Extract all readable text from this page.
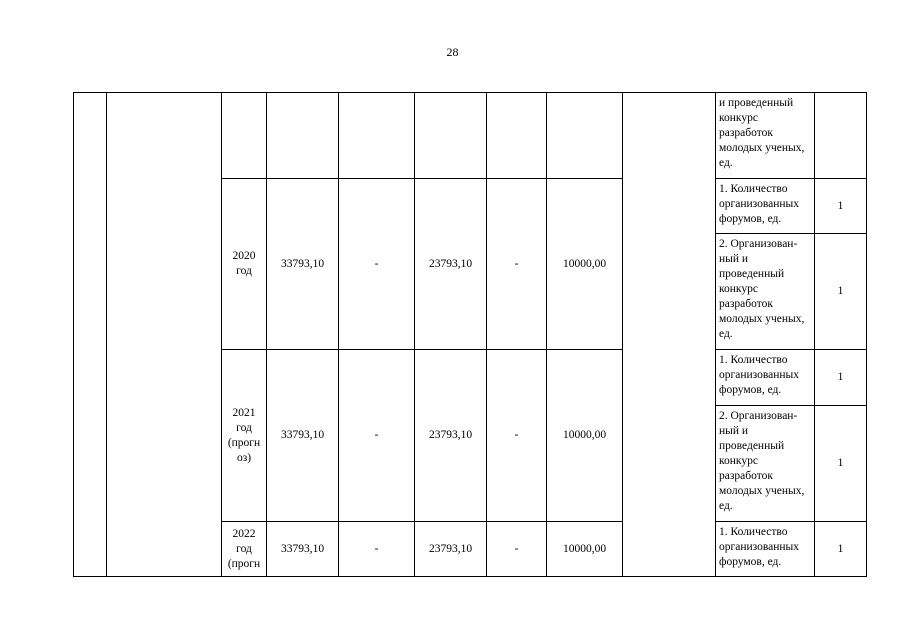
28
									и проведенный конкурс разработок молодых ученых, ед.	
		2020 год	33793,10	-	23793,10	-	10000,00		1. Количество организованных форумов, ед.	1
									2. Организован-ный и проведенный конкурс разработок молодых ученых, ед.	1
		2021 год (прогн оз)	33793,10	-	23793,10	-	10000,00		1. Количество организованных форумов, ед.	1
									2. Организован-ный и проведенный конкурс разработок молодых ученых, ед.	1
		2022 год (прогн	33793,10	-	23793,10	-	10000,00		1. Количество организованных форумов, ед.	1
